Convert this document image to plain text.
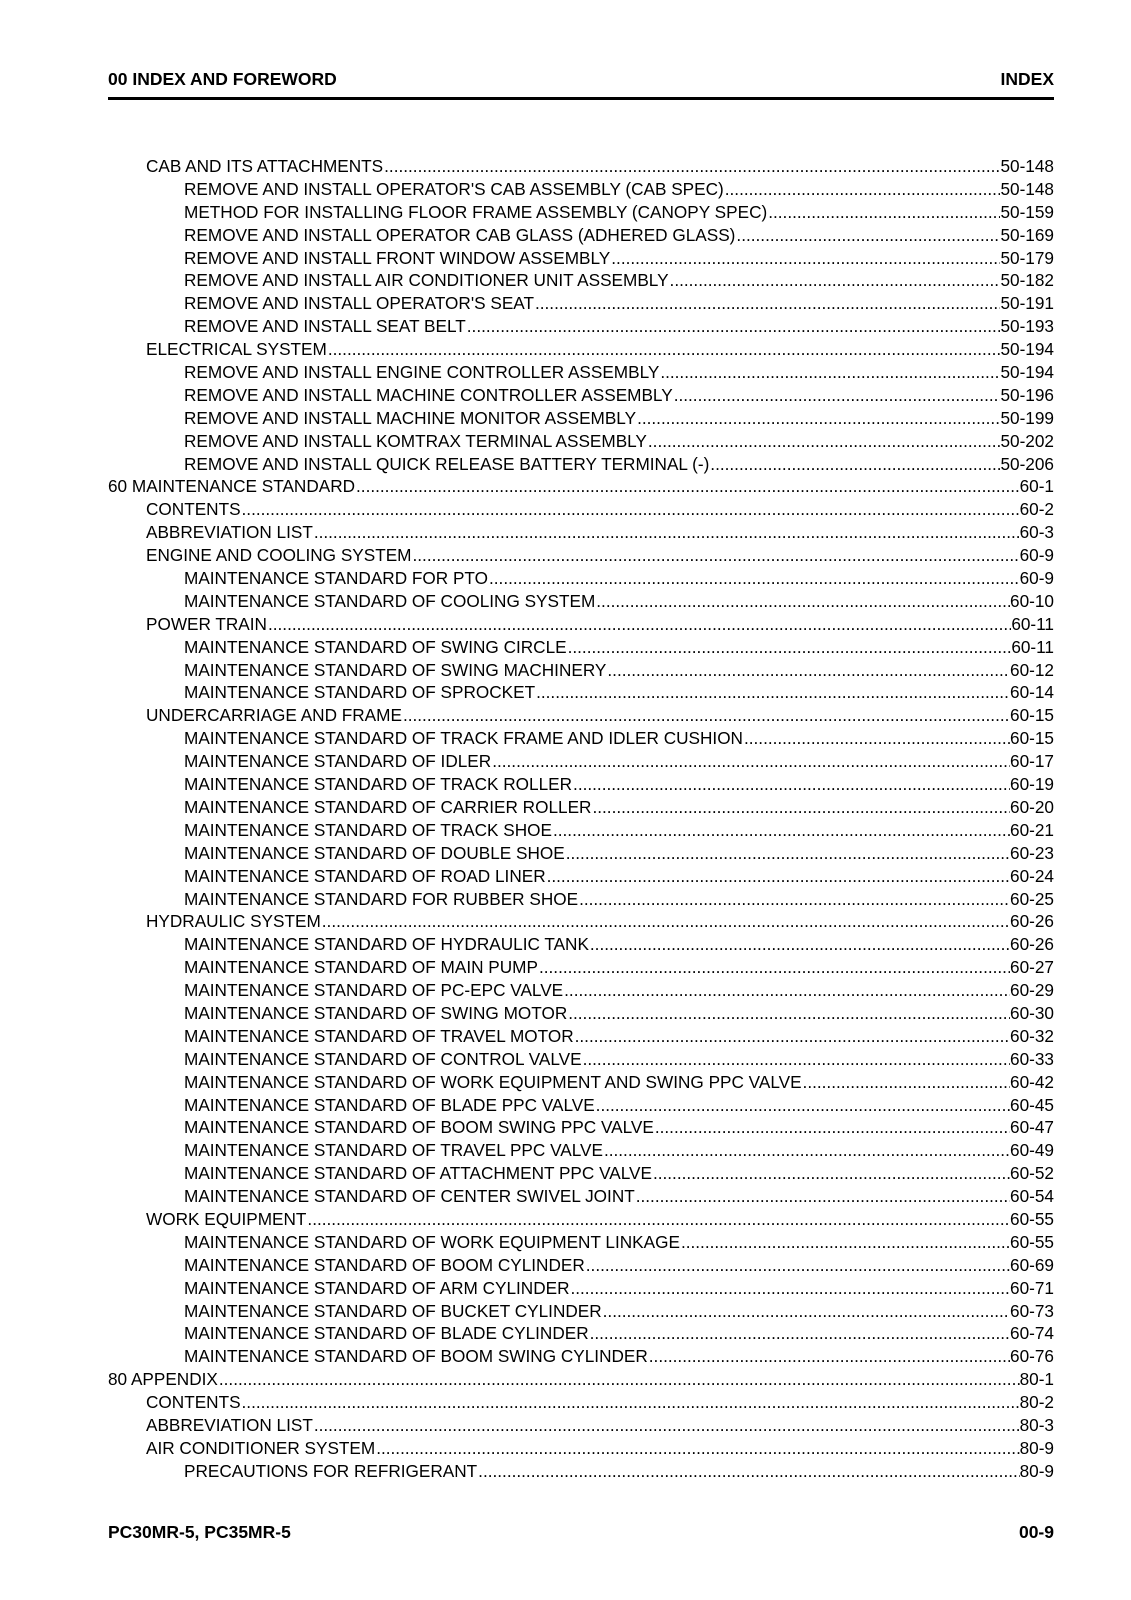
00 INDEX AND FOREWORD	INDEX
CAB AND ITS ATTACHMENTS .....	50-148
REMOVE AND INSTALL OPERATOR'S CAB ASSEMBLY (CAB SPEC) .....	50-148
METHOD FOR INSTALLING FLOOR FRAME ASSEMBLY (CANOPY SPEC) .....	50-159
REMOVE AND INSTALL OPERATOR CAB GLASS (ADHERED GLASS) .....	50-169
REMOVE AND INSTALL FRONT WINDOW ASSEMBLY .....	50-179
REMOVE AND INSTALL AIR CONDITIONER UNIT ASSEMBLY .....	50-182
REMOVE AND INSTALL OPERATOR'S SEAT .....	50-191
REMOVE AND INSTALL SEAT BELT .....	50-193
ELECTRICAL SYSTEM .....	50-194
REMOVE AND INSTALL ENGINE CONTROLLER ASSEMBLY .....	50-194
REMOVE AND INSTALL MACHINE CONTROLLER ASSEMBLY .....	50-196
REMOVE AND INSTALL MACHINE MONITOR ASSEMBLY .....	50-199
REMOVE AND INSTALL KOMTRAX TERMINAL ASSEMBLY .....	50-202
REMOVE AND INSTALL QUICK RELEASE BATTERY TERMINAL (-) .....	50-206
60 MAINTENANCE STANDARD .....	60-1
CONTENTS .....	60-2
ABBREVIATION LIST .....	60-3
ENGINE AND COOLING SYSTEM .....	60-9
MAINTENANCE STANDARD FOR PTO .....	60-9
MAINTENANCE STANDARD OF COOLING SYSTEM .....	60-10
POWER TRAIN .....	60-11
MAINTENANCE STANDARD OF SWING CIRCLE .....	60-11
MAINTENANCE STANDARD OF SWING MACHINERY .....	60-12
MAINTENANCE STANDARD OF SPROCKET .....	60-14
UNDERCARRIAGE AND FRAME .....	60-15
MAINTENANCE STANDARD OF TRACK FRAME AND IDLER CUSHION .....	60-15
MAINTENANCE STANDARD OF IDLER .....	60-17
MAINTENANCE STANDARD OF TRACK ROLLER .....	60-19
MAINTENANCE STANDARD OF CARRIER ROLLER .....	60-20
MAINTENANCE STANDARD OF TRACK SHOE .....	60-21
MAINTENANCE STANDARD OF DOUBLE SHOE .....	60-23
MAINTENANCE STANDARD OF ROAD LINER .....	60-24
MAINTENANCE STANDARD FOR RUBBER SHOE .....	60-25
HYDRAULIC SYSTEM .....	60-26
MAINTENANCE STANDARD OF HYDRAULIC TANK .....	60-26
MAINTENANCE STANDARD OF MAIN PUMP .....	60-27
MAINTENANCE STANDARD OF PC-EPC VALVE .....	60-29
MAINTENANCE STANDARD OF SWING MOTOR .....	60-30
MAINTENANCE STANDARD OF TRAVEL MOTOR .....	60-32
MAINTENANCE STANDARD OF CONTROL VALVE .....	60-33
MAINTENANCE STANDARD OF WORK EQUIPMENT AND SWING PPC VALVE .....	60-42
MAINTENANCE STANDARD OF BLADE PPC VALVE .....	60-45
MAINTENANCE STANDARD OF BOOM SWING PPC VALVE .....	60-47
MAINTENANCE STANDARD OF TRAVEL PPC VALVE .....	60-49
MAINTENANCE STANDARD OF ATTACHMENT PPC VALVE .....	60-52
MAINTENANCE STANDARD OF CENTER SWIVEL JOINT .....	60-54
WORK EQUIPMENT .....	60-55
MAINTENANCE STANDARD OF WORK EQUIPMENT LINKAGE .....	60-55
MAINTENANCE STANDARD OF BOOM CYLINDER .....	60-69
MAINTENANCE STANDARD OF ARM CYLINDER .....	60-71
MAINTENANCE STANDARD OF BUCKET CYLINDER .....	60-73
MAINTENANCE STANDARD OF BLADE CYLINDER .....	60-74
MAINTENANCE STANDARD OF BOOM SWING CYLINDER .....	60-76
80 APPENDIX .....	80-1
CONTENTS .....	80-2
ABBREVIATION LIST .....	80-3
AIR CONDITIONER SYSTEM .....	80-9
PRECAUTIONS FOR REFRIGERANT .....	80-9
PC30MR-5, PC35MR-5	00-9
